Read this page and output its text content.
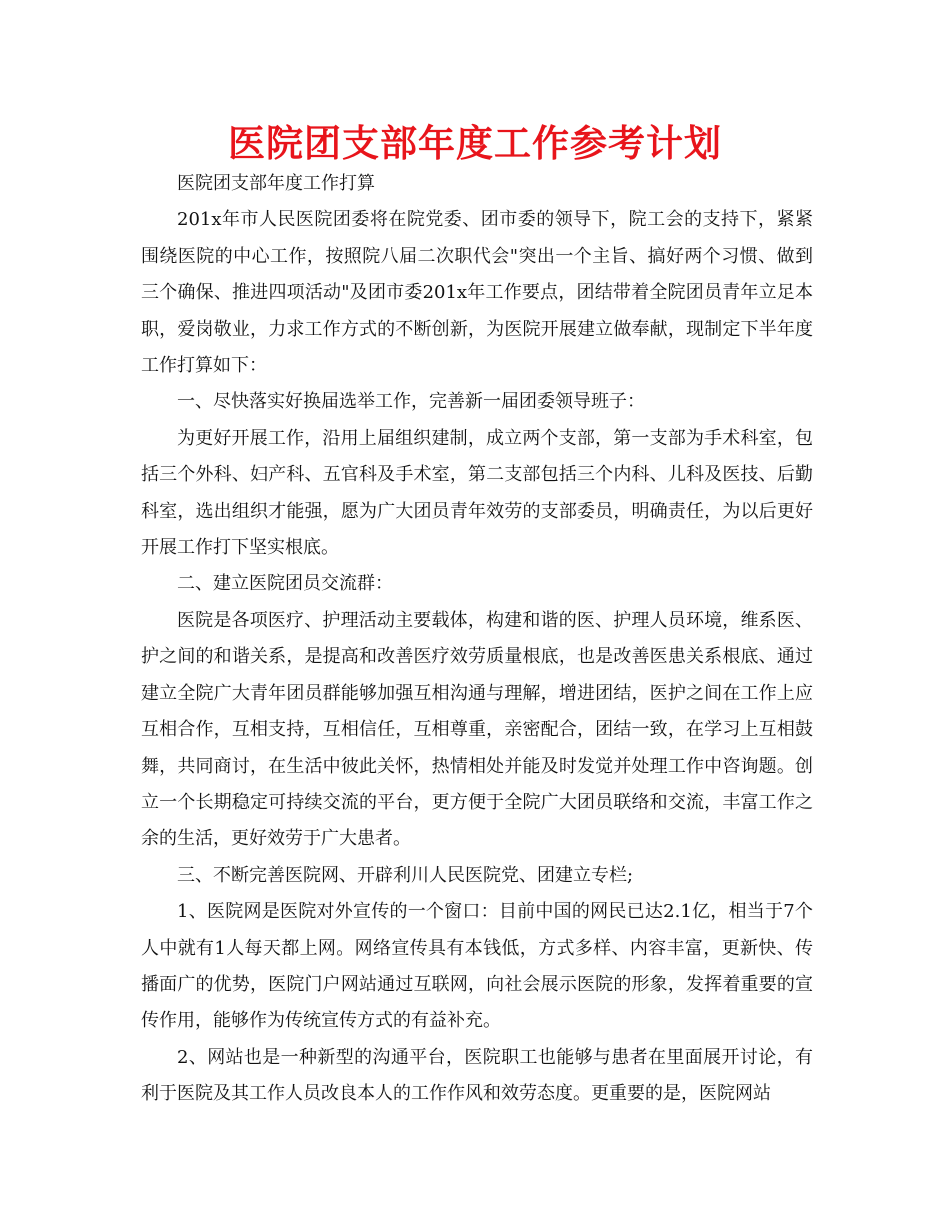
医院团支部年度工作参考计划

医院团支部年度工作打算

201x年市人民医院团委将在院党委、团市委的领导下，院工会的支持下，紧紧围绕医院的中心工作，按照院八届二次职代会"突出一个主旨、搞好两个习惯、做到三个确保、推进四项活动"及团市委201x年工作要点，团结带着全院团员青年立足本职，爱岗敬业，力求工作方式的不断创新，为医院开展建立做奉献，现制定下半年度工作打算如下：

一、尽快落实好换届选举工作，完善新一届团委领导班子：

为更好开展工作，沿用上届组织建制，成立两个支部，第一支部为手术科室，包括三个外科、妇产科、五官科及手术室，第二支部包括三个内科、儿科及医技、后勤科室，选出组织才能强，愿为广大团员青年效劳的支部委员，明确责任，为以后更好开展工作打下坚实根底。

二、建立医院团员交流群：

医院是各项医疗、护理活动主要载体，构建和谐的医、护理人员环境，维系医、护之间的和谐关系，是提高和改善医疗效劳质量根底，也是改善医患关系根底、通过建立全院广大青年团员群能够加强互相沟通与理解，增进团结，医护之间在工作上应互相合作，互相支持，互相信任，互相尊重，亲密配合，团结一致，在学习上互相鼓舞，共同商讨，在生活中彼此关怀，热情相处并能及时发觉并处理工作中咨询题。创立一个长期稳定可持续交流的平台，更方便于全院广大团员联络和交流，丰富工作之余的生活，更好效劳于广大患者。

三、不断完善医院网、开辟利川人民医院党、团建立专栏;

1、医院网是医院对外宣传的一个窗口：目前中国的网民已达2.1亿，相当于7个人中就有1人每天都上网。网络宣传具有本钱低，方式多样、内容丰富，更新快、传播面广的优势，医院门户网站通过互联网，向社会展示医院的形象，发挥着重要的宣传作用，能够作为传统宣传方式的有益补充。

2、网站也是一种新型的沟通平台，医院职工也能够与患者在里面展开讨论，有利于医院及其工作人员改良本人的工作作风和效劳态度。更重要的是，医院网站
